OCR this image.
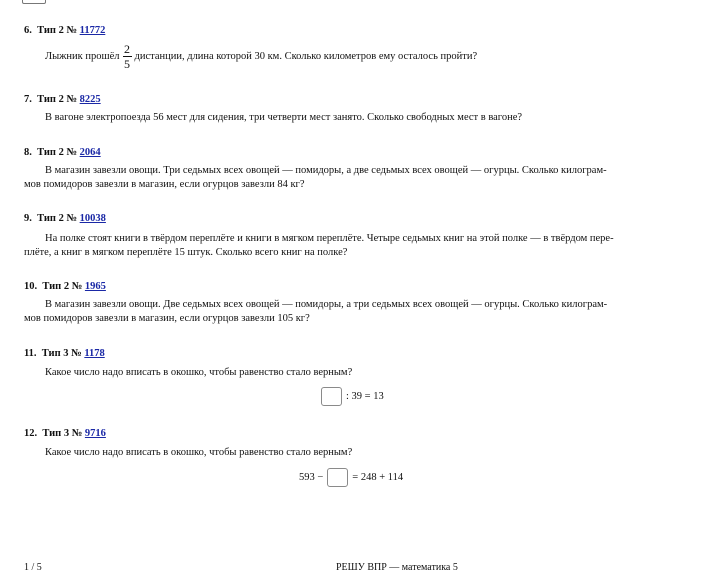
6. Тип 2 № 11772
Лыжник прошёл $\frac{2}{5}$ дистанции, длина которой 30 км. Сколько километров ему осталось пройти?
7. Тип 2 № 8225
В вагоне электропоезда 56 мест для сидения, три четверти мест занято. Сколько свободных мест в вагоне?
8. Тип 2 № 2064
В магазин завезли овощи. Три седьмых всех овощей — помидоры, а две седьмых всех овощей — огурцы. Сколько килограм-
мов помидоров завезли в магазин, если огурцов завезли 84 кг?
9. Тип 2 № 10038
На полке стоят книги в твёрдом переплёте и книги в мягком переплёте. Четыре седьмых книг на этой полке — в твёрдом пере-
плёте, а книг в мягком переплёте 15 штук. Сколько всего книг на полке?
10. Тип 2 № 1965
В магазин завезли овощи. Две седьмых всех овощей — помидоры, а три седьмых всех овощей — огурцы. Сколько килограм-
мов помидоров завезли в магазин, если огурцов завезли 105 кг?
11. Тип 3 № 1178
Какое число надо вписать в окошко, чтобы равенство стало верным?
: 39 = 13
12. Тип 3 № 9716
Какое число надо вписать в окошко, чтобы равенство стало верным?
593 −	= 248 + 114
1 / 5	РЕШУ ВПР — математика 5
